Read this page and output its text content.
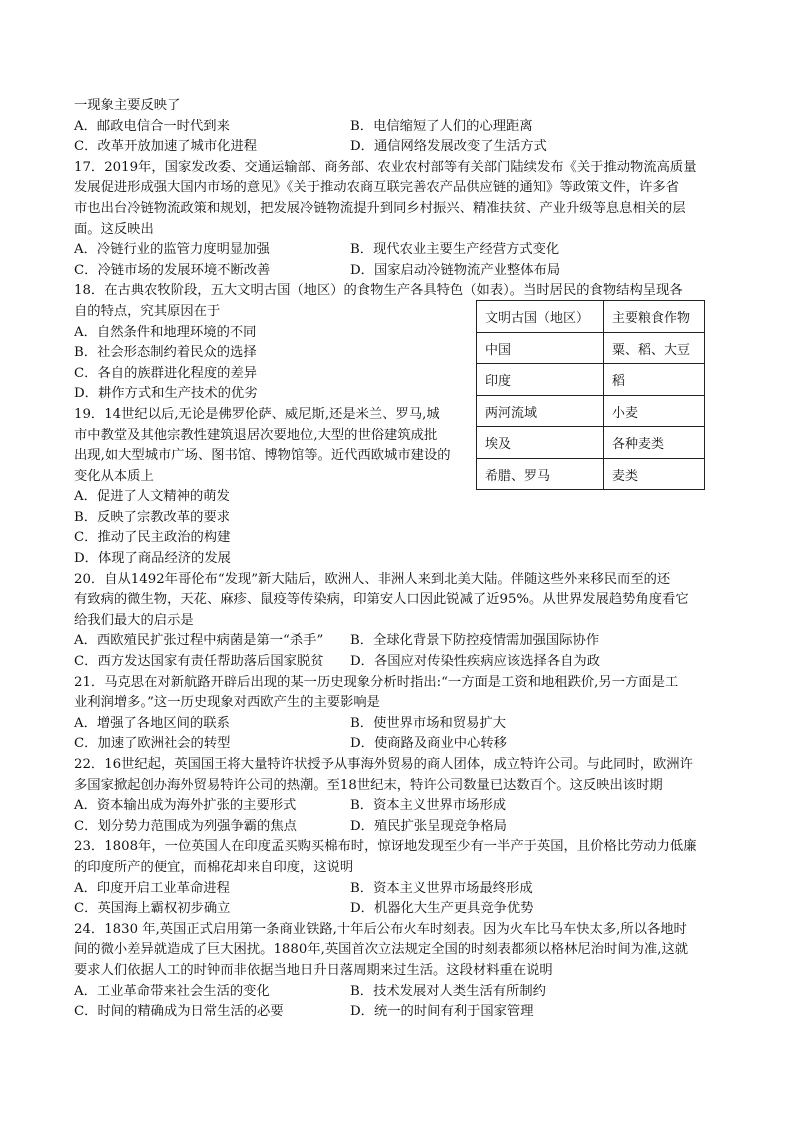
一现象主要反映了
A．邮政电信合一时代到来	B．电信缩短了人们的心理距离
C．改革开放加速了城市化进程	D．通信网络发展改变了生活方式
17．2019年，国家发改委、交通运输部、商务部、农业农村部等有关部门陆续发布《关于推动物流高质量
发展促进形成强大国内市场的意见》《关于推动农商互联完善农产品供应链的通知》等政策文件，许多省
市也出台冷链物流政策和规划，把发展冷链物流提升到同乡村振兴、精准扶贫、产业升级等息息相关的层
面。这反映出
A．冷链行业的监管力度明显加强	B．现代农业主要生产经营方式变化
C．冷链市场的发展环境不断改善	D．国家启动冷链物流产业整体布局
18．在古典农牧阶段，五大文明古国（地区）的食物生产各具特色（如表）。当时居民的食物结构呈现各
自的特点，究其原因在于
A．自然条件和地理环境的不同
B．社会形态制约着民众的选择
C．各自的族群进化程度的差异
D．耕作方式和生产技术的优劣
19．14世纪以后,无论是佛罗伦萨、威尼斯,还是米兰、罗马,城
市中教堂及其他宗教性建筑退居次要地位,大型的世俗建筑成批
出现,如大型城市广场、图书馆、博物馆等。近代西欧城市建设的
变化从本质上
A．促进了人文精神的萌发
B．反映了宗教改革的要求
C．推动了民主政治的构建
D．体现了商品经济的发展
文明古国（地区）	主要粮食作物
中国	粟、稻、大豆
印度	稻
两河流域	小麦
埃及	各种麦类
希腊、罗马	麦类
20．自从1492年哥伦布“发现”新大陆后，欧洲人、非洲人来到北美大陆。伴随这些外来移民而至的还
有致病的微生物，天花、麻疹、鼠疫等传染病，印第安人口因此锐减了近95%。从世界发展趋势角度看它
给我们最大的启示是
A．西欧殖民扩张过程中病菌是第一“杀手”	B．全球化背景下防控疫情需加强国际协作
C．西方发达国家有责任帮助落后国家脱贫	D．各国应对传染性疾病应该选择各自为政
21．马克思在对新航路开辟后出现的某一历史现象分析时指出:“一方面是工资和地租跌价,另一方面是工
业利润增多。”这一历史现象对西欧产生的主要影响是
A．增强了各地区间的联系	B．使世界市场和贸易扩大
C．加速了欧洲社会的转型	D．使商路及商业中心转移
22．16世纪起，英国国王将大量特许状授予从事海外贸易的商人团体，成立特许公司。与此同时，欧洲许
多国家掀起创办海外贸易特许公司的热潮。至18世纪末，特许公司数量已达数百个。这反映出该时期
A．资本输出成为海外扩张的主要形式	B．资本主义世界市场形成
C．划分势力范围成为列强争霸的焦点	D．殖民扩张呈现竞争格局
23．1808年，一位英国人在印度孟买购买棉布时，惊讶地发现至少有一半产于英国，且价格比劳动力低廉
的印度所产的便宜，而棉花却来自印度，这说明
A．印度开启工业革命进程	B．资本主义世界市场最终形成
C．英国海上霸权初步确立	D．机器化大生产更具竞争优势
24．1830 年,英国正式启用第一条商业铁路,十年后公布火车时刻表。因为火车比马车快太多,所以各地时
间的微小差异就造成了巨大困扰。1880年,英国首次立法规定全国的时刻表都须以格林尼治时间为准,这就
要求人们依据人工的时钟而非依据当地日升日落周期来过生活。这段材料重在说明
A．工业革命带来社会生活的变化	B．技术发展对人类生活有所制约
C．时间的精确成为日常生活的必要	D．统一的时间有利于国家管理
